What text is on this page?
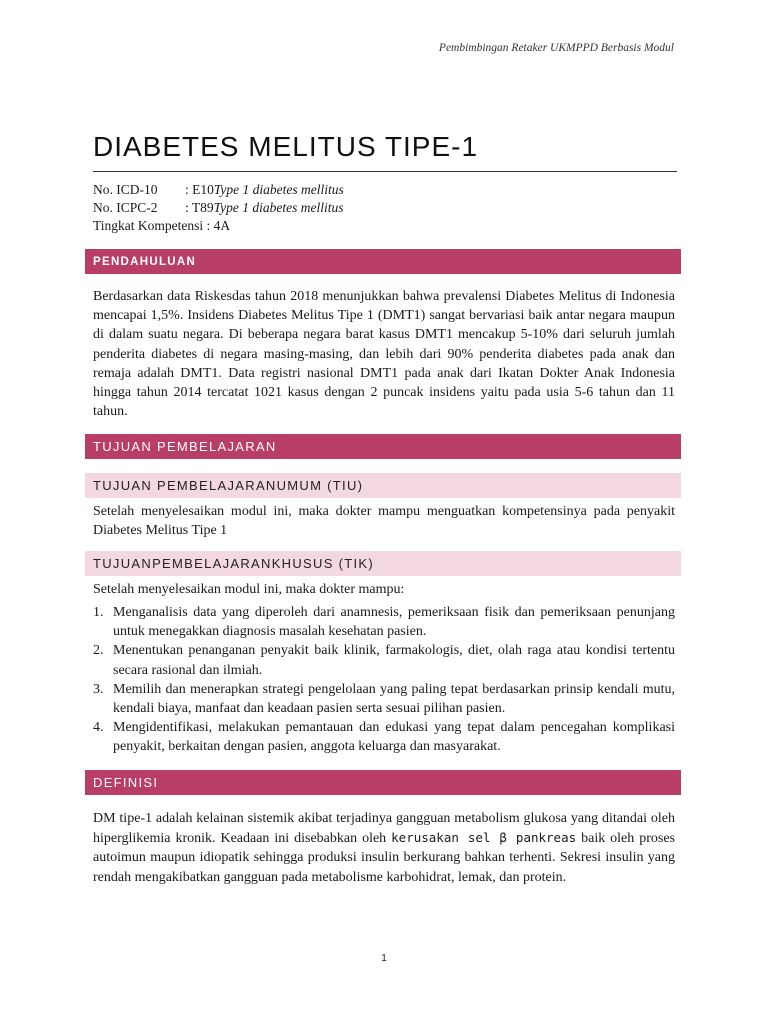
Pembimbingan Retaker UKMPPD Berbasis Modul
DIABETES MELITUS TIPE-1
No. ICD-10	: E10 Type 1 diabetes mellitus
No. ICPC-2	: T89 Type 1 diabetes mellitus
Tingkat Kompetensi : 4A
PENDAHULUAN
Berdasarkan data Riskesdas tahun 2018 menunjukkan bahwa prevalensi Diabetes Melitus di Indonesia mencapai 1,5%. Insidens Diabetes Melitus Tipe 1 (DMT1) sangat bervariasi baik antar negara maupun di dalam suatu negara. Di beberapa negara barat kasus DMT1 mencakup 5-10% dari seluruh jumlah penderita diabetes di negara masing-masing, dan lebih dari 90% penderita diabetes pada anak dan remaja adalah DMT1. Data registri nasional DMT1 pada anak dari Ikatan Dokter Anak Indonesia hingga tahun 2014 tercatat 1021 kasus dengan 2 puncak insidens yaitu pada usia 5-6 tahun dan 11 tahun.
TUJUAN PEMBELAJARAN
TUJUAN PEMBELAJARANUMUM (TIU)
Setelah menyelesaikan modul ini, maka dokter mampu menguatkan kompetensinya pada penyakit Diabetes Melitus Tipe 1
TUJUANPEMBELAJARANKHUSUS (TIK)
Setelah menyelesaikan modul ini, maka dokter mampu:
1. Menganalisis data yang diperoleh dari anamnesis, pemeriksaan fisik dan pemeriksaan penunjang untuk menegakkan diagnosis masalah kesehatan pasien.
2. Menentukan penanganan penyakit baik klinik, farmakologis, diet, olah raga atau kondisi tertentu secara rasional dan ilmiah.
3. Memilih dan menerapkan strategi pengelolaan yang paling tepat berdasarkan prinsip kendali mutu, kendali biaya, manfaat dan keadaan pasien serta sesuai pilihan pasien.
4. Mengidentifikasi, melakukan pemantauan dan edukasi yang tepat dalam pencegahan komplikasi penyakit, berkaitan dengan pasien, anggota keluarga dan masyarakat.
DEFINISI
DM tipe-1 adalah kelainan sistemik akibat terjadinya gangguan metabolism glukosa yang ditandai oleh hiperglikemia kronik. Keadaan ini disebabkan oleh kerusakan sel β pankreas baik oleh proses autoimun maupun idiopatik sehingga produksi insulin berkurang bahkan terhenti. Sekresi insulin yang rendah mengakibatkan gangguan pada metabolisme karbohidrat, lemak, dan protein.
1
